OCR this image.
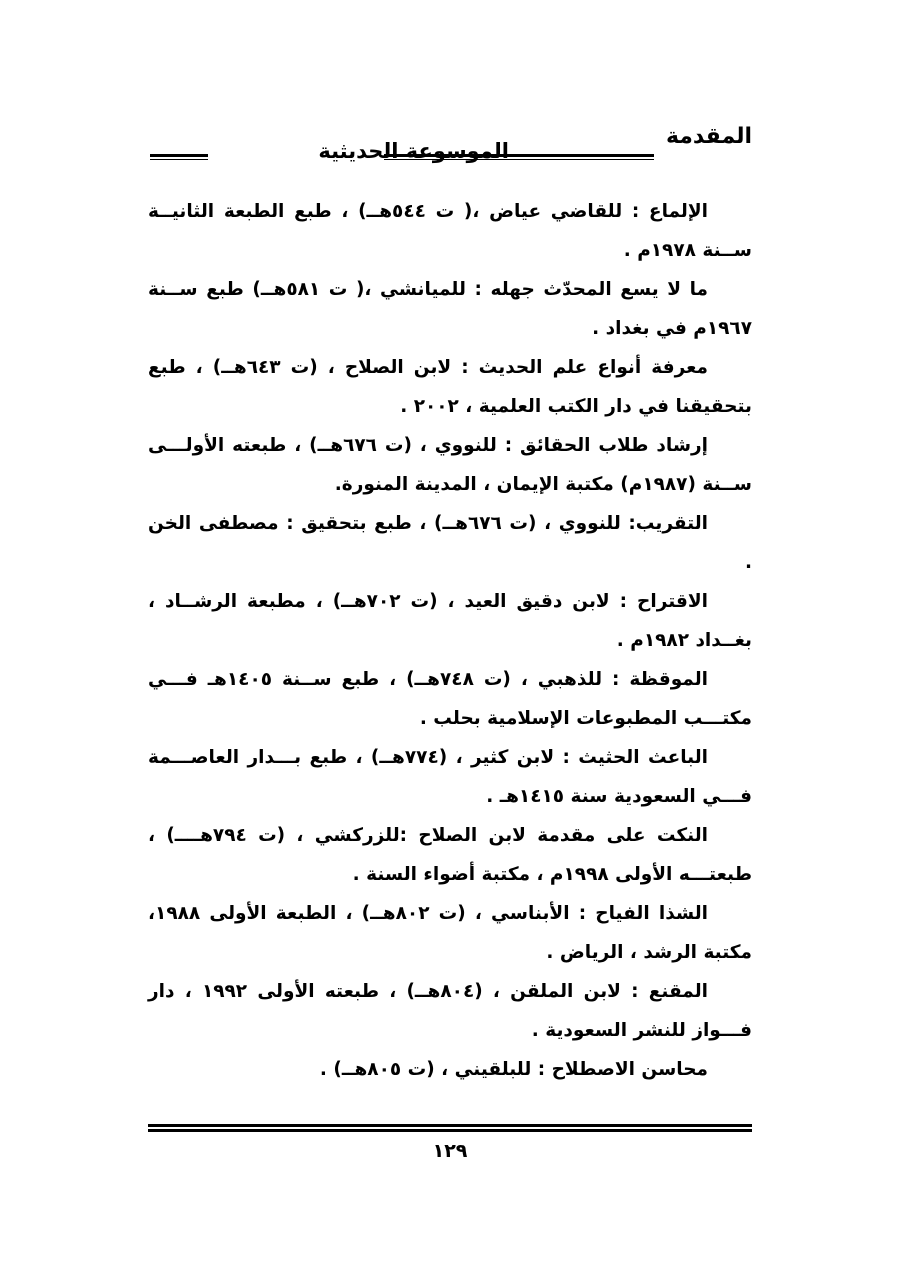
المقدمة
الموسوعة الحديثية

الإلماع : للقاضي عياض ،( ت ٥٤٤هــ) ، طبع الطبعة الثانيــة ســنة ١٩٧٨م .

ما لا يسع المحدّث جهله : للميانشي ،( ت ٥٨١هــ) طبع ســنة ١٩٦٧م في بغداد .

معرفة أنواع علم الحديث : لابن الصلاح ، (ت ٦٤٣هــ) ، طبع بتحقيقنا في دار الكتب العلمية ، ٢٠٠٢ .

إرشاد طلاب الحقائق : للنووي ، (ت ٦٧٦هــ) ، طبعته الأولـــى ســنة (١٩٨٧م) مكتبة الإيمان ، المدينة المنورة.

التقريب: للنووي ، (ت ٦٧٦هــ) ، طبع بتحقيق : مصطفى الخن .

الاقتراح : لابن دقيق العيد ، (ت ٧٠٢هــ) ، مطبعة الرشــاد ، بغــداد ١٩٨٢م .

الموقظة : للذهبي ، (ت ٧٤٨هــ) ، طبع ســنة ١٤٠٥هـ فـــي مكتـــب المطبوعات الإسلامية بحلب .

الباعث الحثيث : لابن كثير ، (٧٧٤هــ) ، طبع بـــدار العاصـــمة فـــي السعودية سنة ١٤١٥هـ .

النكت على مقدمة لابن الصلاح :للزركشي ، (ت ٧٩٤هــــ) ، طبعتـــه الأولى ١٩٩٨م ، مكتبة أضواء السنة .

الشذا الفياح : الأبناسي ، (ت ٨٠٢هــ) ، الطبعة الأولى ١٩٨٨، مكتبة الرشد ، الرياض .

المقنع : لابن الملقن ، (٨٠٤هــ) ، طبعته الأولى ١٩٩٢ ، دار فـــواز للنشر السعودية .

محاسن الاصطلاح : للبلقيني ، (ت ٨٠٥هــ) .

١٢٩
